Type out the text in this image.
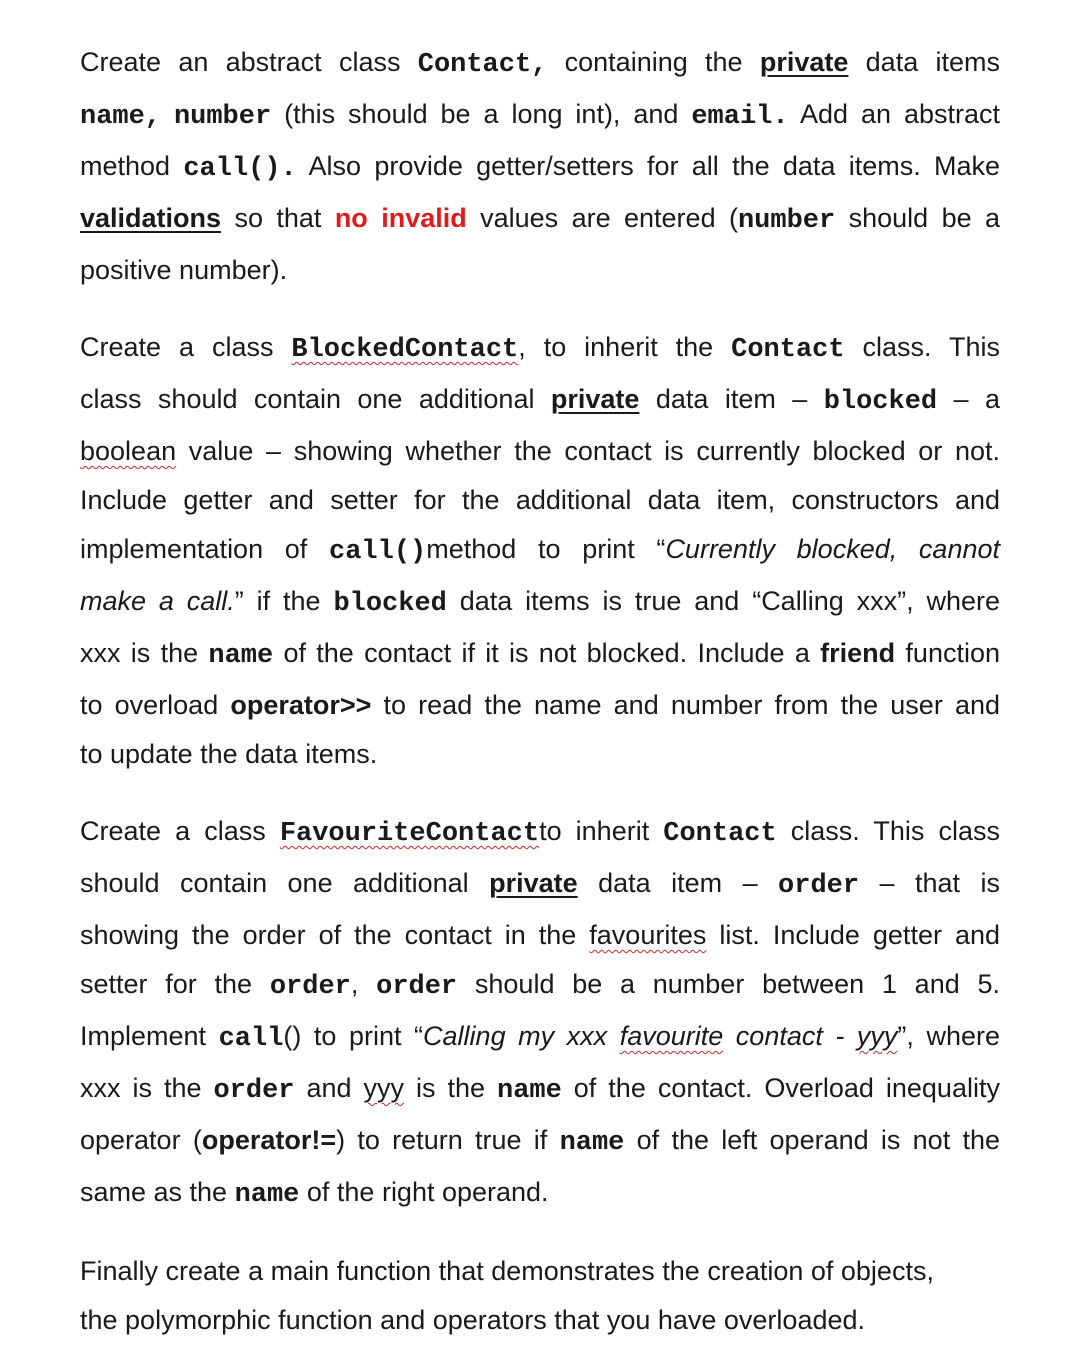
Create an abstract class Contact, containing the private data items
name, number (this should be a long int), and email. Add an abstract
method call(). Also provide getter/setters for all the data items. Make
validations so that no invalid values are entered (number should be a
positive number).

Create a class BlockedContact, to inherit the Contact class. This
class should contain one additional private data item – blocked – a
boolean value – showing whether the contact is currently blocked or not.
Include getter and setter for the additional data item, constructors and
implementation of call()method to print “Currently blocked, cannot
make a call.” if the blocked data items is true and “Calling xxx”, where
xxx is the name of the contact if it is not blocked. Include a friend function
to overload operator>> to read the name and number from the user and
to update the data items.

Create a class FavouriteContactto inherit Contact class. This class
should contain one additional private data item – order – that is
showing the order of the contact in the favourites list. Include getter and
setter for the order, order should be a number between 1 and 5.
Implement call() to print “Calling my xxx favourite contact - yyy”, where
xxx is the order and yyy is the name of the contact. Overload inequality
operator (operator!=) to return true if name of the left operand is not the
same as the name of the right operand.

Finally create a main function that demonstrates the creation of objects,
the polymorphic function and operators that you have overloaded.
